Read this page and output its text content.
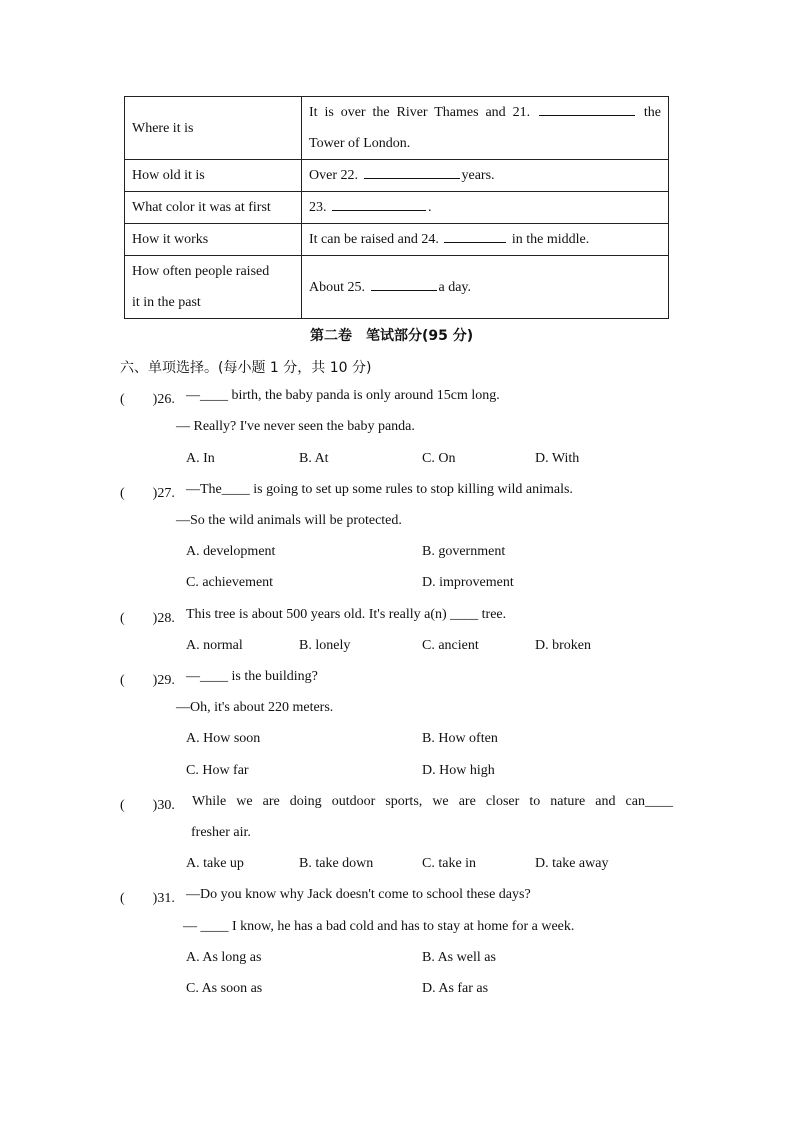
Where it is	It is over the River Thames and 21. the
Tower of London.

How old it is	Over 22. years.
What color it was at first	23. .
How it works	It can be raised and 24. in the middle.

How often people raised
it in the past	About 25. a day.
第二卷　笔试部分(95 分)
六、单项选择。(每小题 1 分，共 10 分)
(　　)26. —____ birth, the baby panda is only around 15cm long.
— Really? I've never seen the baby panda.
A. In	B. At	C. On	D. With
(　　)27. —The____ is going to set up some rules to stop killing wild animals.
—So the wild animals will be protected.
A. development	B. government
C. achievement	D. improvement
(　　)28. This tree is about 500 years old. It's really a(n) ____ tree.
A. normal	B. lonely	C. ancient	D. broken
(　　)29. —____ is the building?
—Oh, it's about 220 meters.
A. How soon	B. How often
C. How far	D. How high
(　　)30. While we are doing outdoor sports, we are closer to nature and can____
fresher air.
A. take up	B. take down	C. take in	D. take away
(　　)31. —Do you know why Jack doesn't come to school these days?
— ____ I know, he has a bad cold and has to stay at home for a week.
A. As long as	B. As well as
C. As soon as	D. As far as
